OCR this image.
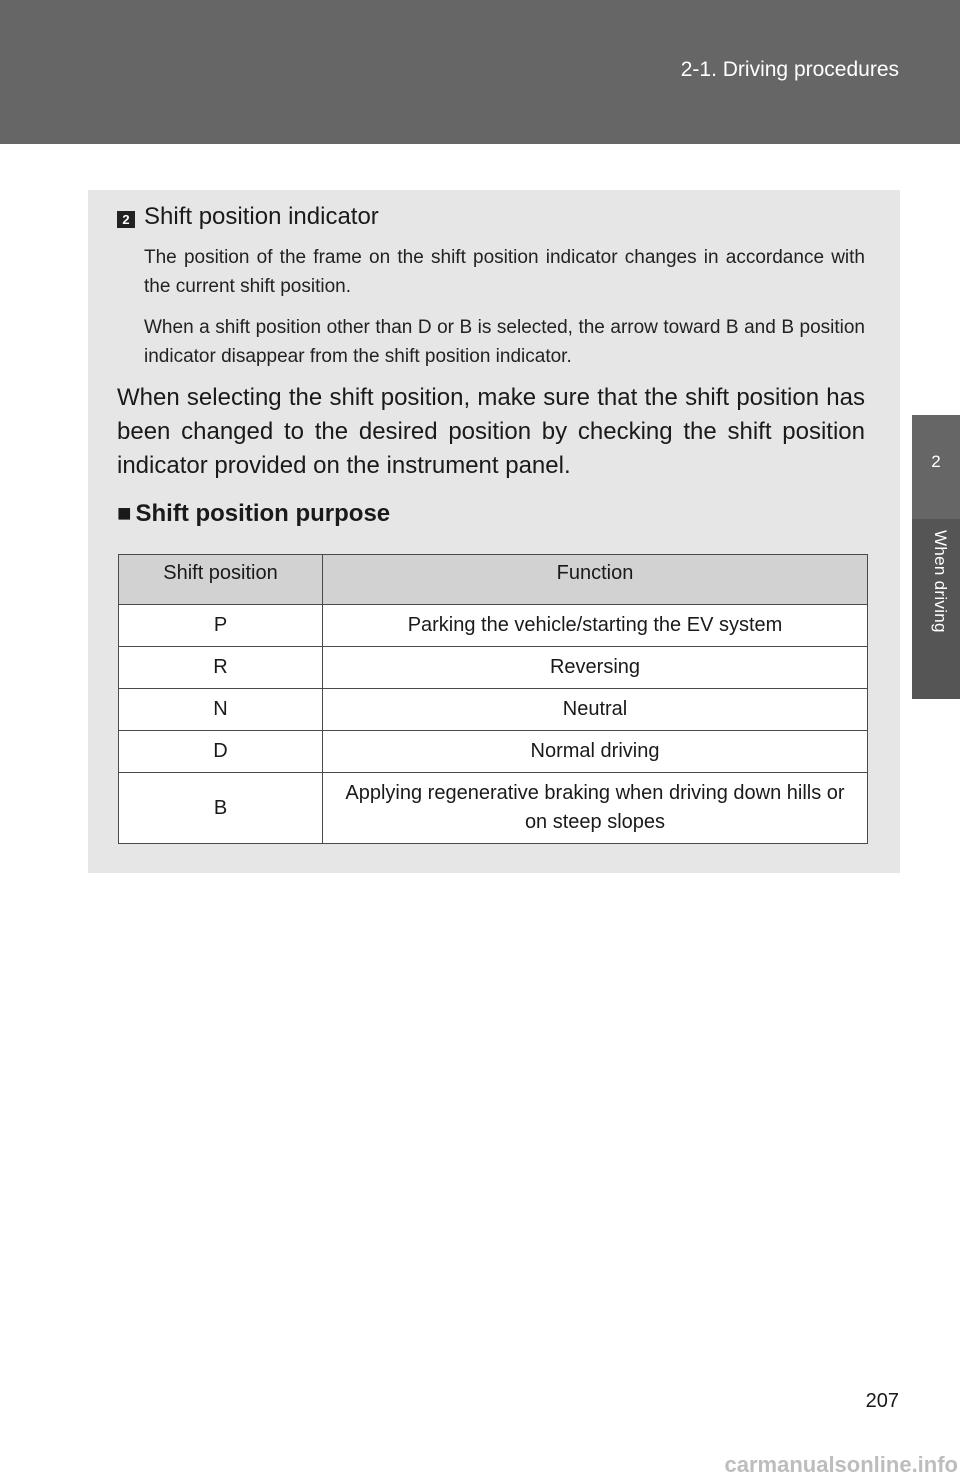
2-1. Driving procedures
2
When driving
2 Shift position indicator

The position of the frame on the shift position indicator changes in accordance with the current shift position.

When a shift position other than D or B is selected, the arrow toward B and B position indicator disappear from the shift position indicator.

When selecting the shift position, make sure that the shift position has been changed to the desired position by checking the shift position indicator provided on the instrument panel.

■ Shift position purpose
Shift position	Function
P	Parking the vehicle/starting the EV system
R	Reversing
N	Neutral
D	Normal driving
B	Applying regenerative braking when driving down hills or on steep slopes
207
carmanualsonline.info
